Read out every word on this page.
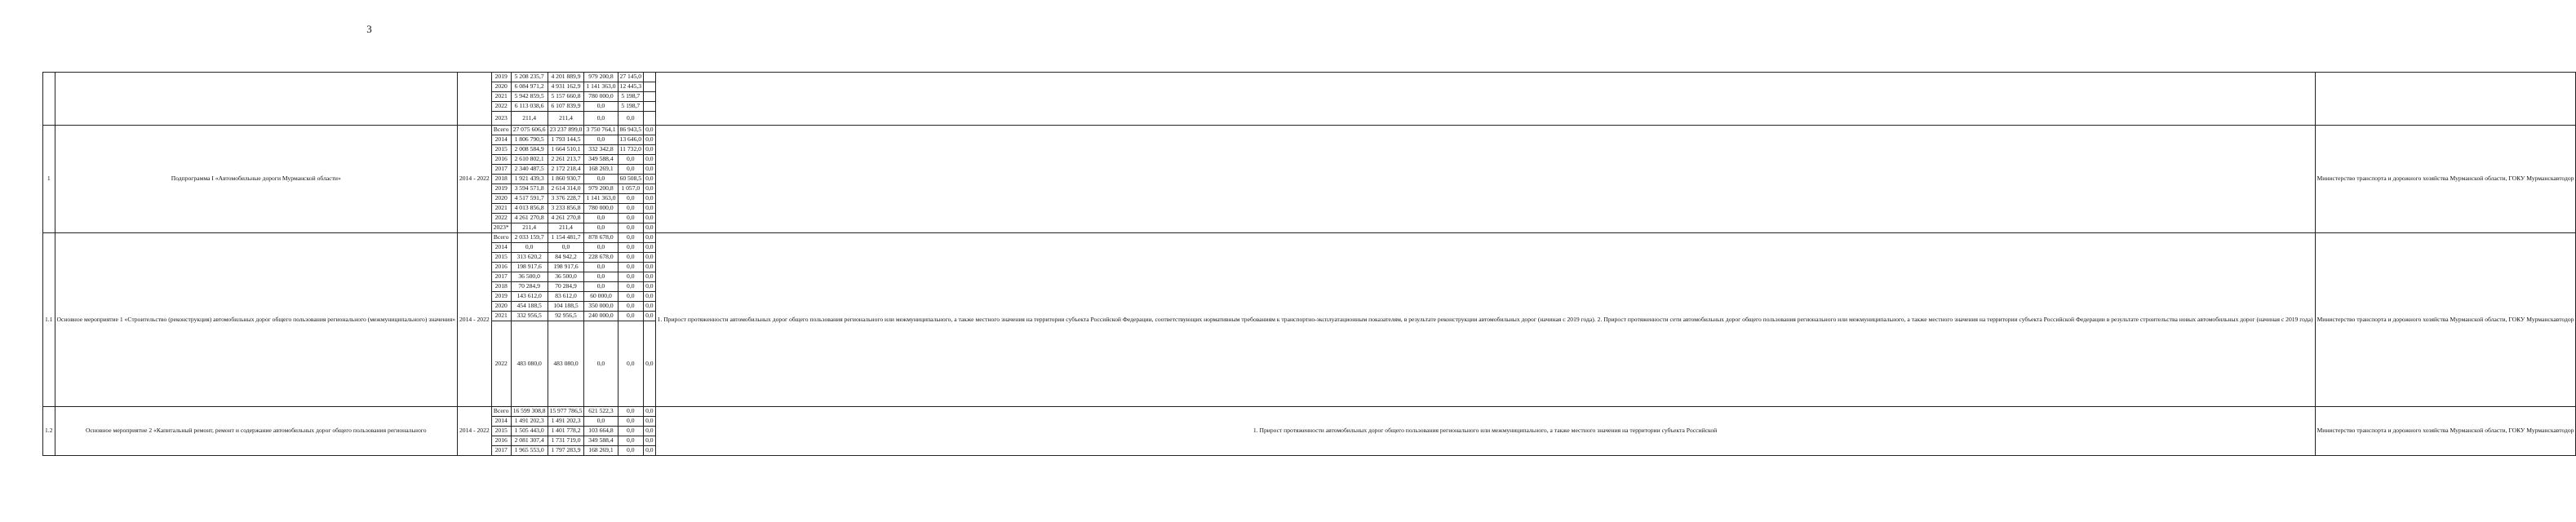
3
			2019	5 208 235,7	4 201 889,9	979 200,8	27 145,0			
			2020	6 084 971,2	4 931 162,9	1 141 363,0	12 445,3			
			2021	5 942 859,5	5 157 660,8	780 000,0	5 198,7			
			2022	6 113 038,6	6 107 839,9	0,0	5 198,7			
			2023	211,4	211,4	0,0	0,0			
1	Подпрограмма I «Автомобильные дороги Мурманской области»	2014 - 2022	Всего	27 075 606,6	23 237 899,0	3 750 764,1	86 943,5	0,0		Министерство транспорта и дорожного хозяйства Мурманской области, ГОКУ Мурманскавтодор
			2014	1 806 790,5	1 793 144,5	0,0	13 646,0	0,0		
			2015	2 008 584,9	1 664 510,1	332 342,8	11 732,0	0,0		
			2016	2 610 802,1	2 261 213,7	349 588,4	0,0	0,0		
			2017	2 340 487,5	2 172 218,4	168 269,1	0,0	0,0		
			2018	1 921 439,3	1 860 930,7	0,0	60 508,5	0,0		
			2019	3 594 571,8	2 614 314,0	979 200,8	1 057,0	0,0		
			2020	4 517 591,7	3 376 228,7	1 141 363,0	0,0	0,0		
			2021	4 013 856,8	3 233 856,8	780 000,0	0,0	0,0		
			2022	4 261 270,8	4 261 270,8	0,0	0,0	0,0		
			2023*	211,4	211,4	0,0	0,0	0,0		
1.1	Основное мероприятие 1 «Строительство (реконструкция) автомобильных дорог общего пользования регионального (межмуниципального) значения»	2014 - 2022	Всего	2 033 159,7	1 154 481,7	878 678,0	0,0	0,0	1. Прирост протяженности автомобильных дорог общего пользования регионального или межмуниципального, а также местного значения на территории субъекта Российской Федерации, соответствующих нормативным требованиям к транспортно-эксплуатационным показателям, в результате реконструкции автомобильных дорог (начиная с 2019 года). 2. Прирост протяженности сети автомобильных дорог общего пользования регионального или межмуниципального, а также местного значения на территории субъекта Российской Федерации в результате строительства новых автомобильных дорог (начиная с 2019 года)	Министерство транспорта и дорожного хозяйства Мурманской области, ГОКУ Мурманскавтодор
			2014	0,0	0,0	0,0	0,0	0,0		
			2015	313 620,2	84 942,2	228 678,0	0,0	0,0		
			2016	198 917,6	198 917,6	0,0	0,0	0,0		
			2017	36 500,0	36 500,0	0,0	0,0	0,0		
			2018	70 284,9	70 284,9	0,0	0,0	0,0		
			2019	143 612,0	83 612,0	60 000,0	0,0	0,0		
			2020	454 188,5	104 188,5	350 000,0	0,0	0,0		
			2021	332 956,5	92 956,5	240 000,0	0,0	0,0		
			2022	483 080,0	483 080,0	0,0	0,0	0,0		
1.2	Основное мероприятие 2 «Капитальный ремонт, ремонт и содержание автомобильных дорог общего пользования регионального	2014 - 2022	Всего	16 599 308,8	15 977 786,5	621 522,3	0,0	0,0	1. Прирост протяженности автомобильных дорог общего пользования регионального или межмуниципального, а также местного значения на территории субъекта Российской	Министерство транспорта и дорожного хозяйства Мурманской области, ГОКУ Мурманскавтодор
			2014	1 491 202,3	1 491 202,3	0,0	0,0	0,0		
			2015	1 505 443,0	1 401 778,2	103 664,8	0,0	0,0		
			2016	2 081 307,4	1 731 719,0	349 588,4	0,0	0,0		
			2017	1 965 553,0	1 797 283,9	168 269,1	0,0	0,0		
